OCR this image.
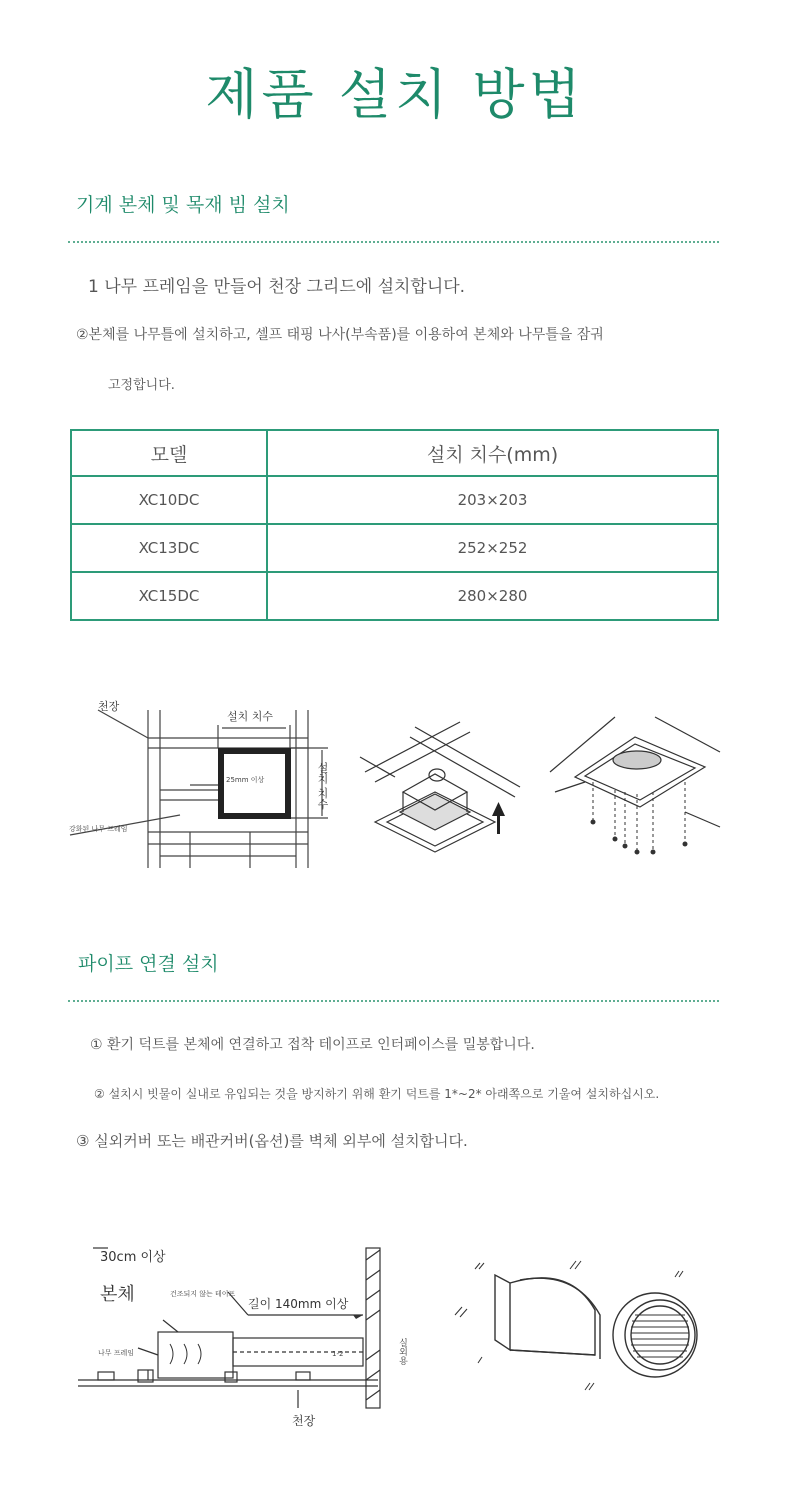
제품 설치 방법
기계 본체 및 목재 빔 설치
1 나무 프레임을 만들어 천장 그리드에 설치합니다.
②본체를 나무틀에 설치하고, 셀프 태핑 나사(부속품)를 이용하여 본체와 나무틀을 잠궈
고정합니다.
모델	설치 치수(mm)
XC10DC	203×203
XC13DC	252×252
XC15DC	280×280
천장
설치 치수
설치 치수
25mm 이상
강화된 나무 프레임
파이프 연결 설치
① 환기 덕트를 본체에 연결하고 접착 테이프로 인터페이스를 밀봉합니다.
② 설치시 빗물이 실내로 유입되는 것을 방지하기 위해 환기 덕트를 1*~2* 아래쪽으로 기울여 설치하십시오.
③ 실외커버 또는 배관커버(옵션)를 벽체 외부에 설치합니다.
30cm 이상
본체	건조되지 않는 테이프
길이 140mm 이상
나무 프레임	1-2	실외용
천장
